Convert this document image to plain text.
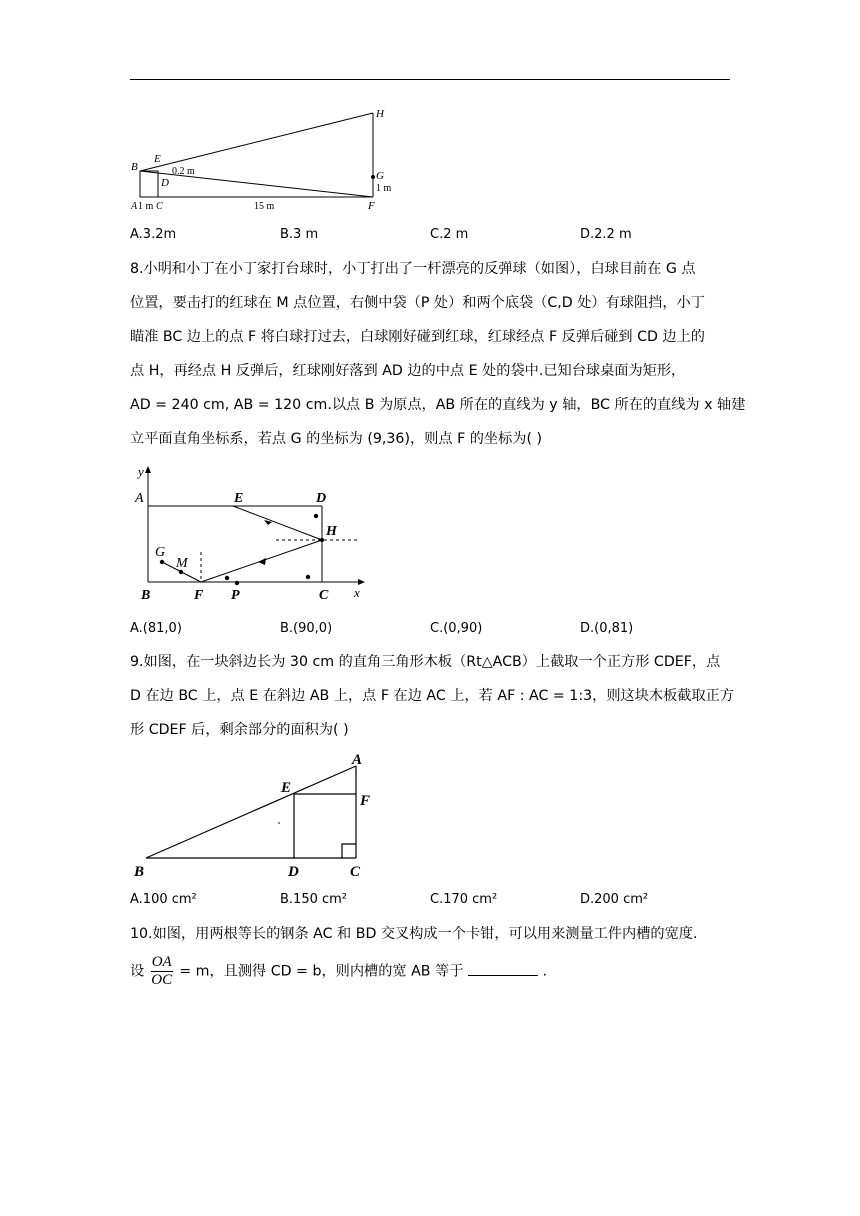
H
B
E
D
0.2 m	G
1 m
A 1 m C	15 m	F
A.3.2m	B.3 m	C.2 m	D.2.2 m
8.小明和小丁在小丁家打台球时，小丁打出了一杆漂亮的反弹球（如图），白球目前在 G 点
位置，要击打的红球在 M 点位置，右侧中袋（P 处）和两个底袋（C,D 处）有球阻挡，小丁
瞄准 BC 边上的点 F 将白球打过去，白球刚好碰到红球，红球经点 F 反弹后碰到 CD 边上的
点 H，再经点 H 反弹后，红球刚好落到 AD 边的中点 E 处的袋中.已知台球桌面为矩形，
AD = 240 cm, AB = 120 cm.以点 B 为原点，AB 所在的直线为 y 轴，BC 所在的直线为 x 轴建
立平面直角坐标系，若点 G 的坐标为 (9,36)，则点 F 的坐标为( )
y
A	E	D
H
G
M
B	F P	C x
A.(81,0)	B.(90,0)	C.(0,90)	D.(0,81)
9.如图，在一块斜边长为 30 cm 的直角三角形木板（Rt△ACB）上截取一个正方形 CDEF，点
D 在边 BC 上，点 E 在斜边 AB 上，点 F 在边 AC 上，若 AF : AC = 1:3，则这块木板截取正方
形 CDEF 后，剩余部分的面积为( )
A
E
F
B	D	C
A.100 cm²	B.150 cm²	C.170 cm²	D.200 cm²
10.如图，用两根等长的钢条 AC 和 BD 交叉构成一个卡钳，可以用来测量工件内槽的宽度.
设 $\frac{OA}{OC} = m$，且测得 CD = b，则内槽的宽 AB 等于	.
